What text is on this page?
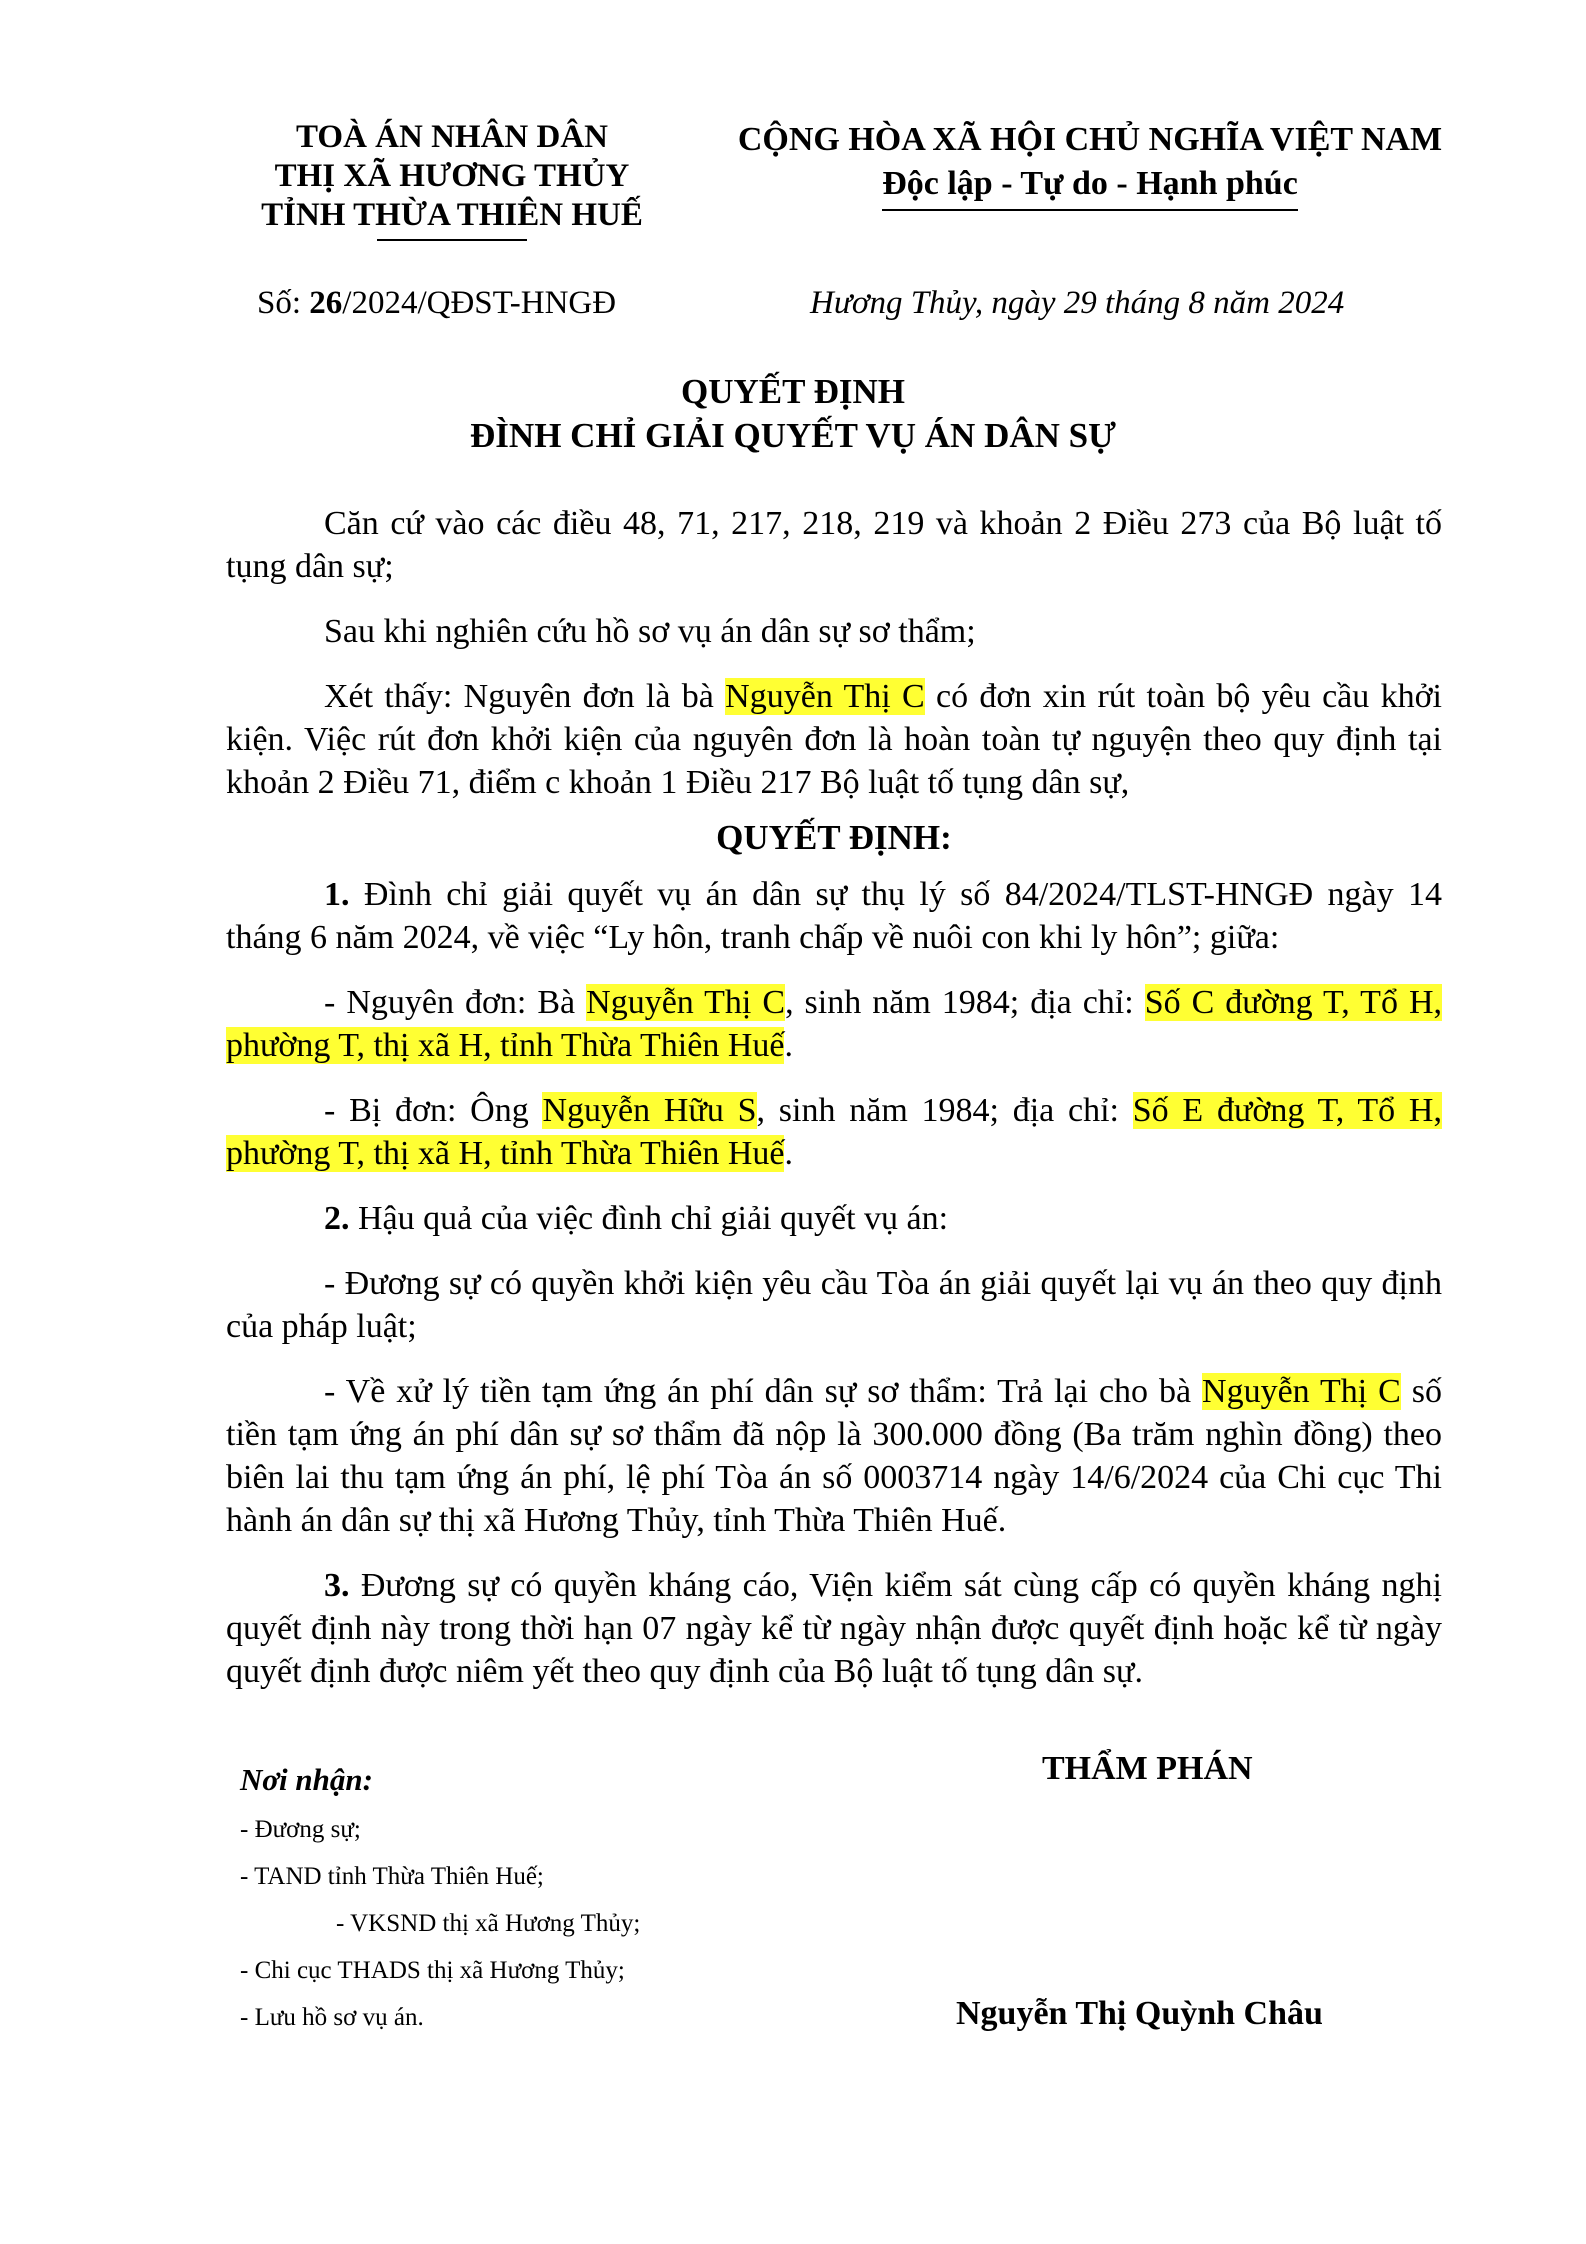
TOÀ ÁN NHÂN DÂN
THỊ XÃ HƯƠNG THỦY
TỈNH THỪA THIÊN HUẾ
CỘNG HÒA XÃ HỘI CHỦ NGHĨA VIỆT NAM
Độc lập - Tự do - Hạnh phúc
Số: 26/2024/QĐST-HNGĐ	Hương Thủy, ngày 29 tháng 8 năm 2024
QUYẾT ĐỊNH
ĐÌNH CHỈ GIẢI QUYẾT VỤ ÁN DÂN SỰ

Căn cứ vào các điều 48, 71, 217, 218, 219 và khoản 2 Điều 273 của Bộ luật tố tụng dân sự;

Sau khi nghiên cứu hồ sơ vụ án dân sự sơ thẩm;

Xét thấy: Nguyên đơn là bà Nguyễn Thị C có đơn xin rút toàn bộ yêu cầu khởi kiện. Việc rút đơn khởi kiện của nguyên đơn là hoàn toàn tự nguyện theo quy định tại khoản 2 Điều 71, điểm c khoản 1 Điều 217 Bộ luật tố tụng dân sự,

QUYẾT ĐỊNH:

1. Đình chỉ giải quyết vụ án dân sự thụ lý số 84/2024/TLST-HNGĐ ngày 14 tháng 6 năm 2024, về việc “Ly hôn, tranh chấp về nuôi con khi ly hôn”; giữa:

- Nguyên đơn: Bà Nguyễn Thị C, sinh năm 1984; địa chỉ: Số C đường T, Tổ H, phường T, thị xã H, tỉnh Thừa Thiên Huế.

- Bị đơn: Ông Nguyễn Hữu S, sinh năm 1984; địa chỉ: Số E đường T, Tổ H, phường T, thị xã H, tỉnh Thừa Thiên Huế.

2. Hậu quả của việc đình chỉ giải quyết vụ án:

- Đương sự có quyền khởi kiện yêu cầu Tòa án giải quyết lại vụ án theo quy định của pháp luật;

- Về xử lý tiền tạm ứng án phí dân sự sơ thẩm: Trả lại cho bà Nguyễn Thị C số tiền tạm ứng án phí dân sự sơ thẩm đã nộp là 300.000 đồng (Ba trăm nghìn đồng) theo biên lai thu tạm ứng án phí, lệ phí Tòa án số 0003714 ngày 14/6/2024 của Chi cục Thi hành án dân sự thị xã Hương Thủy, tỉnh Thừa Thiên Huế.

3. Đương sự có quyền kháng cáo, Viện kiểm sát cùng cấp có quyền kháng nghị quyết định này trong thời hạn 07 ngày kể từ ngày nhận được quyết định hoặc kể từ ngày quyết định được niêm yết theo quy định của Bộ luật tố tụng dân sự.

Nơi nhận:
- Đương sự;
- TAND tỉnh Thừa Thiên Huế;
- VKSND thị xã Hương Thủy;
- Chi cục THADS thị xã Hương Thủy;
- Lưu hồ sơ vụ án.
THẨM PHÁN
Nguyễn Thị Quỳnh Châu
